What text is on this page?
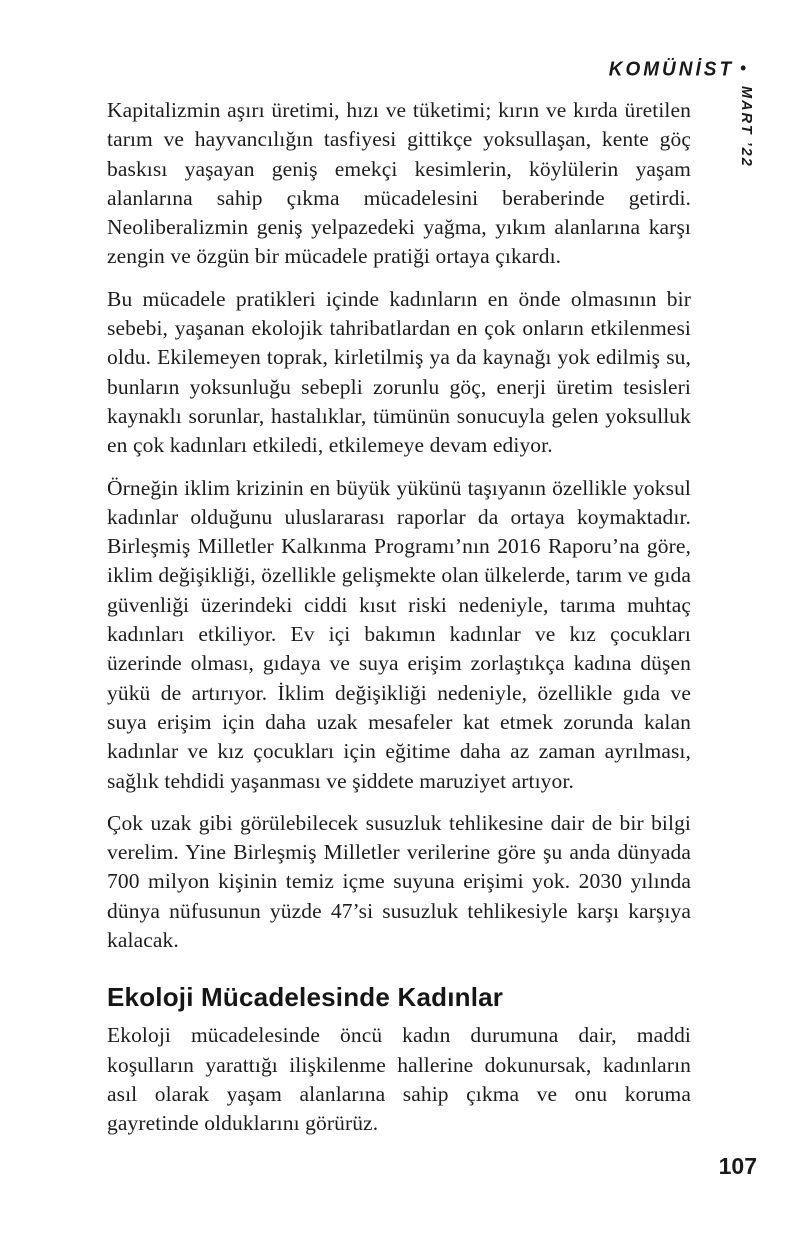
KOMÜNİST •
MART ’22

Kapitalizmin aşırı üretimi, hızı ve tüketimi; kırın ve kırda üretilen tarım ve hayvancılığın tasfiyesi gittikçe yoksullaşan, kente göç baskısı yaşayan geniş emekçi kesimlerin, köylülerin yaşam alanlarına sahip çıkma mücadelesini beraberinde getirdi. Neoliberalizmin geniş yelpazedeki yağma, yıkım alanlarına karşı zengin ve özgün bir mücadele pratiği ortaya çıkardı.

Bu mücadele pratikleri içinde kadınların en önde olmasının bir sebebi, yaşanan ekolojik tahribatlardan en çok onların etkilenmesi oldu. Ekilemeyen toprak, kirletilmiş ya da kaynağı yok edilmiş su, bunların yoksunluğu sebepli zorunlu göç, enerji üretim tesisleri kaynaklı sorunlar, hastalıklar, tümünün sonucuyla gelen yoksulluk en çok kadınları etkiledi, etkilemeye devam ediyor.

Örneğin iklim krizinin en büyük yükünü taşıyanın özellikle yoksul kadınlar olduğunu uluslararası raporlar da ortaya koymaktadır. Birleşmiş Milletler Kalkınma Programı’nın 2016 Raporu’na göre, iklim değişikliği, özellikle gelişmekte olan ülkelerde, tarım ve gıda güvenliği üzerindeki ciddi kısıt riski nedeniyle, tarıma muhtaç kadınları etkiliyor. Ev içi bakımın kadınlar ve kız çocukları üzerinde olması, gıdaya ve suya erişim zorlaştıkça kadına düşen yükü de artırıyor. İklim değişikliği nedeniyle, özellikle gıda ve suya erişim için daha uzak mesafeler kat etmek zorunda kalan kadınlar ve kız çocukları için eğitime daha az zaman ayrılması, sağlık tehdidi yaşanması ve şiddete maruziyet artıyor.

Çok uzak gibi görülebilecek susuzluk tehlikesine dair de bir bilgi verelim. Yine Birleşmiş Milletler verilerine göre şu anda dünyada 700 milyon kişinin temiz içme suyuna erişimi yok. 2030 yılında dünya nüfusunun yüzde 47’si susuzluk tehlikesiyle karşı karşıya kalacak.

Ekoloji Mücadelesinde Kadınlar

Ekoloji mücadelesinde öncü kadın durumuna dair, maddi koşulların yarattığı ilişkilenme hallerine dokunursak, kadınların asıl olarak yaşam alanlarına sahip çıkma ve onu koruma gayretinde olduklarını görürüz.

107
